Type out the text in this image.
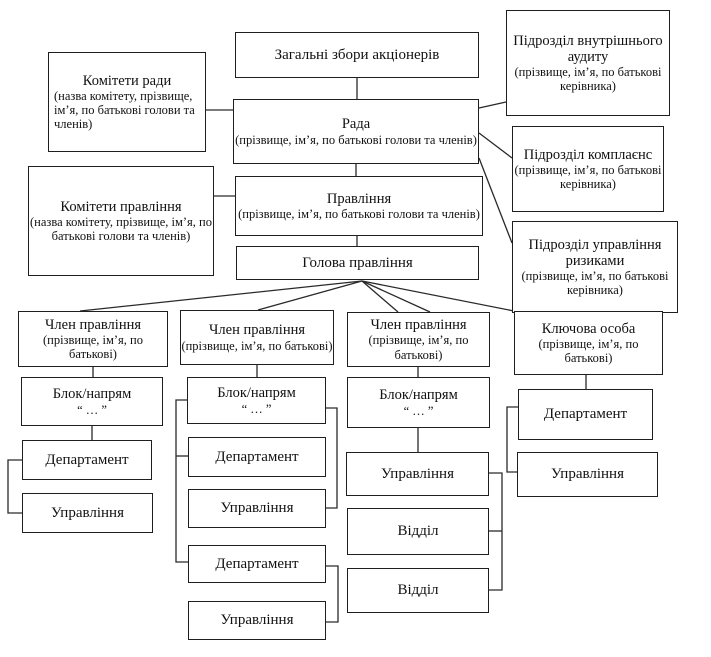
Загальні збори акціонерів
Рада
(прізвище, ім’я, по батькові голови та членів)
Комітети ради
(назва комітету, прізвище, ім’я, по батькові голови та членів)
Підрозділ внутрішнього аудиту
(прізвище, ім’я, по батькові керівника)
Підрозділ комплаєнс
(прізвище, ім’я, по батькові керівника)
Підрозділ управління ризиками
(прізвище, ім’я, по батькові керівника)
Комітети правління
(назва комітету, прізвище, ім’я, по батькові голови та членів)
Правління
(прізвище, ім’я, по батькові голови та членів)
Голова правління
Член правління
(прізвище, ім’я, по батькові)
Блок/напрям
“ … ”
Департамент
Управління
Член правління
(прізвище, ім’я, по батькові)
Блок/напрям
“ … ”
Департамент
Управління
Департамент
Управління
Член правління
(прізвище, ім’я, по батькові)
Блок/напрям
“ … ”
Управління
Відділ
Відділ
Ключова особа
(прізвище, ім’я, по батькові)
Департамент
Управління
